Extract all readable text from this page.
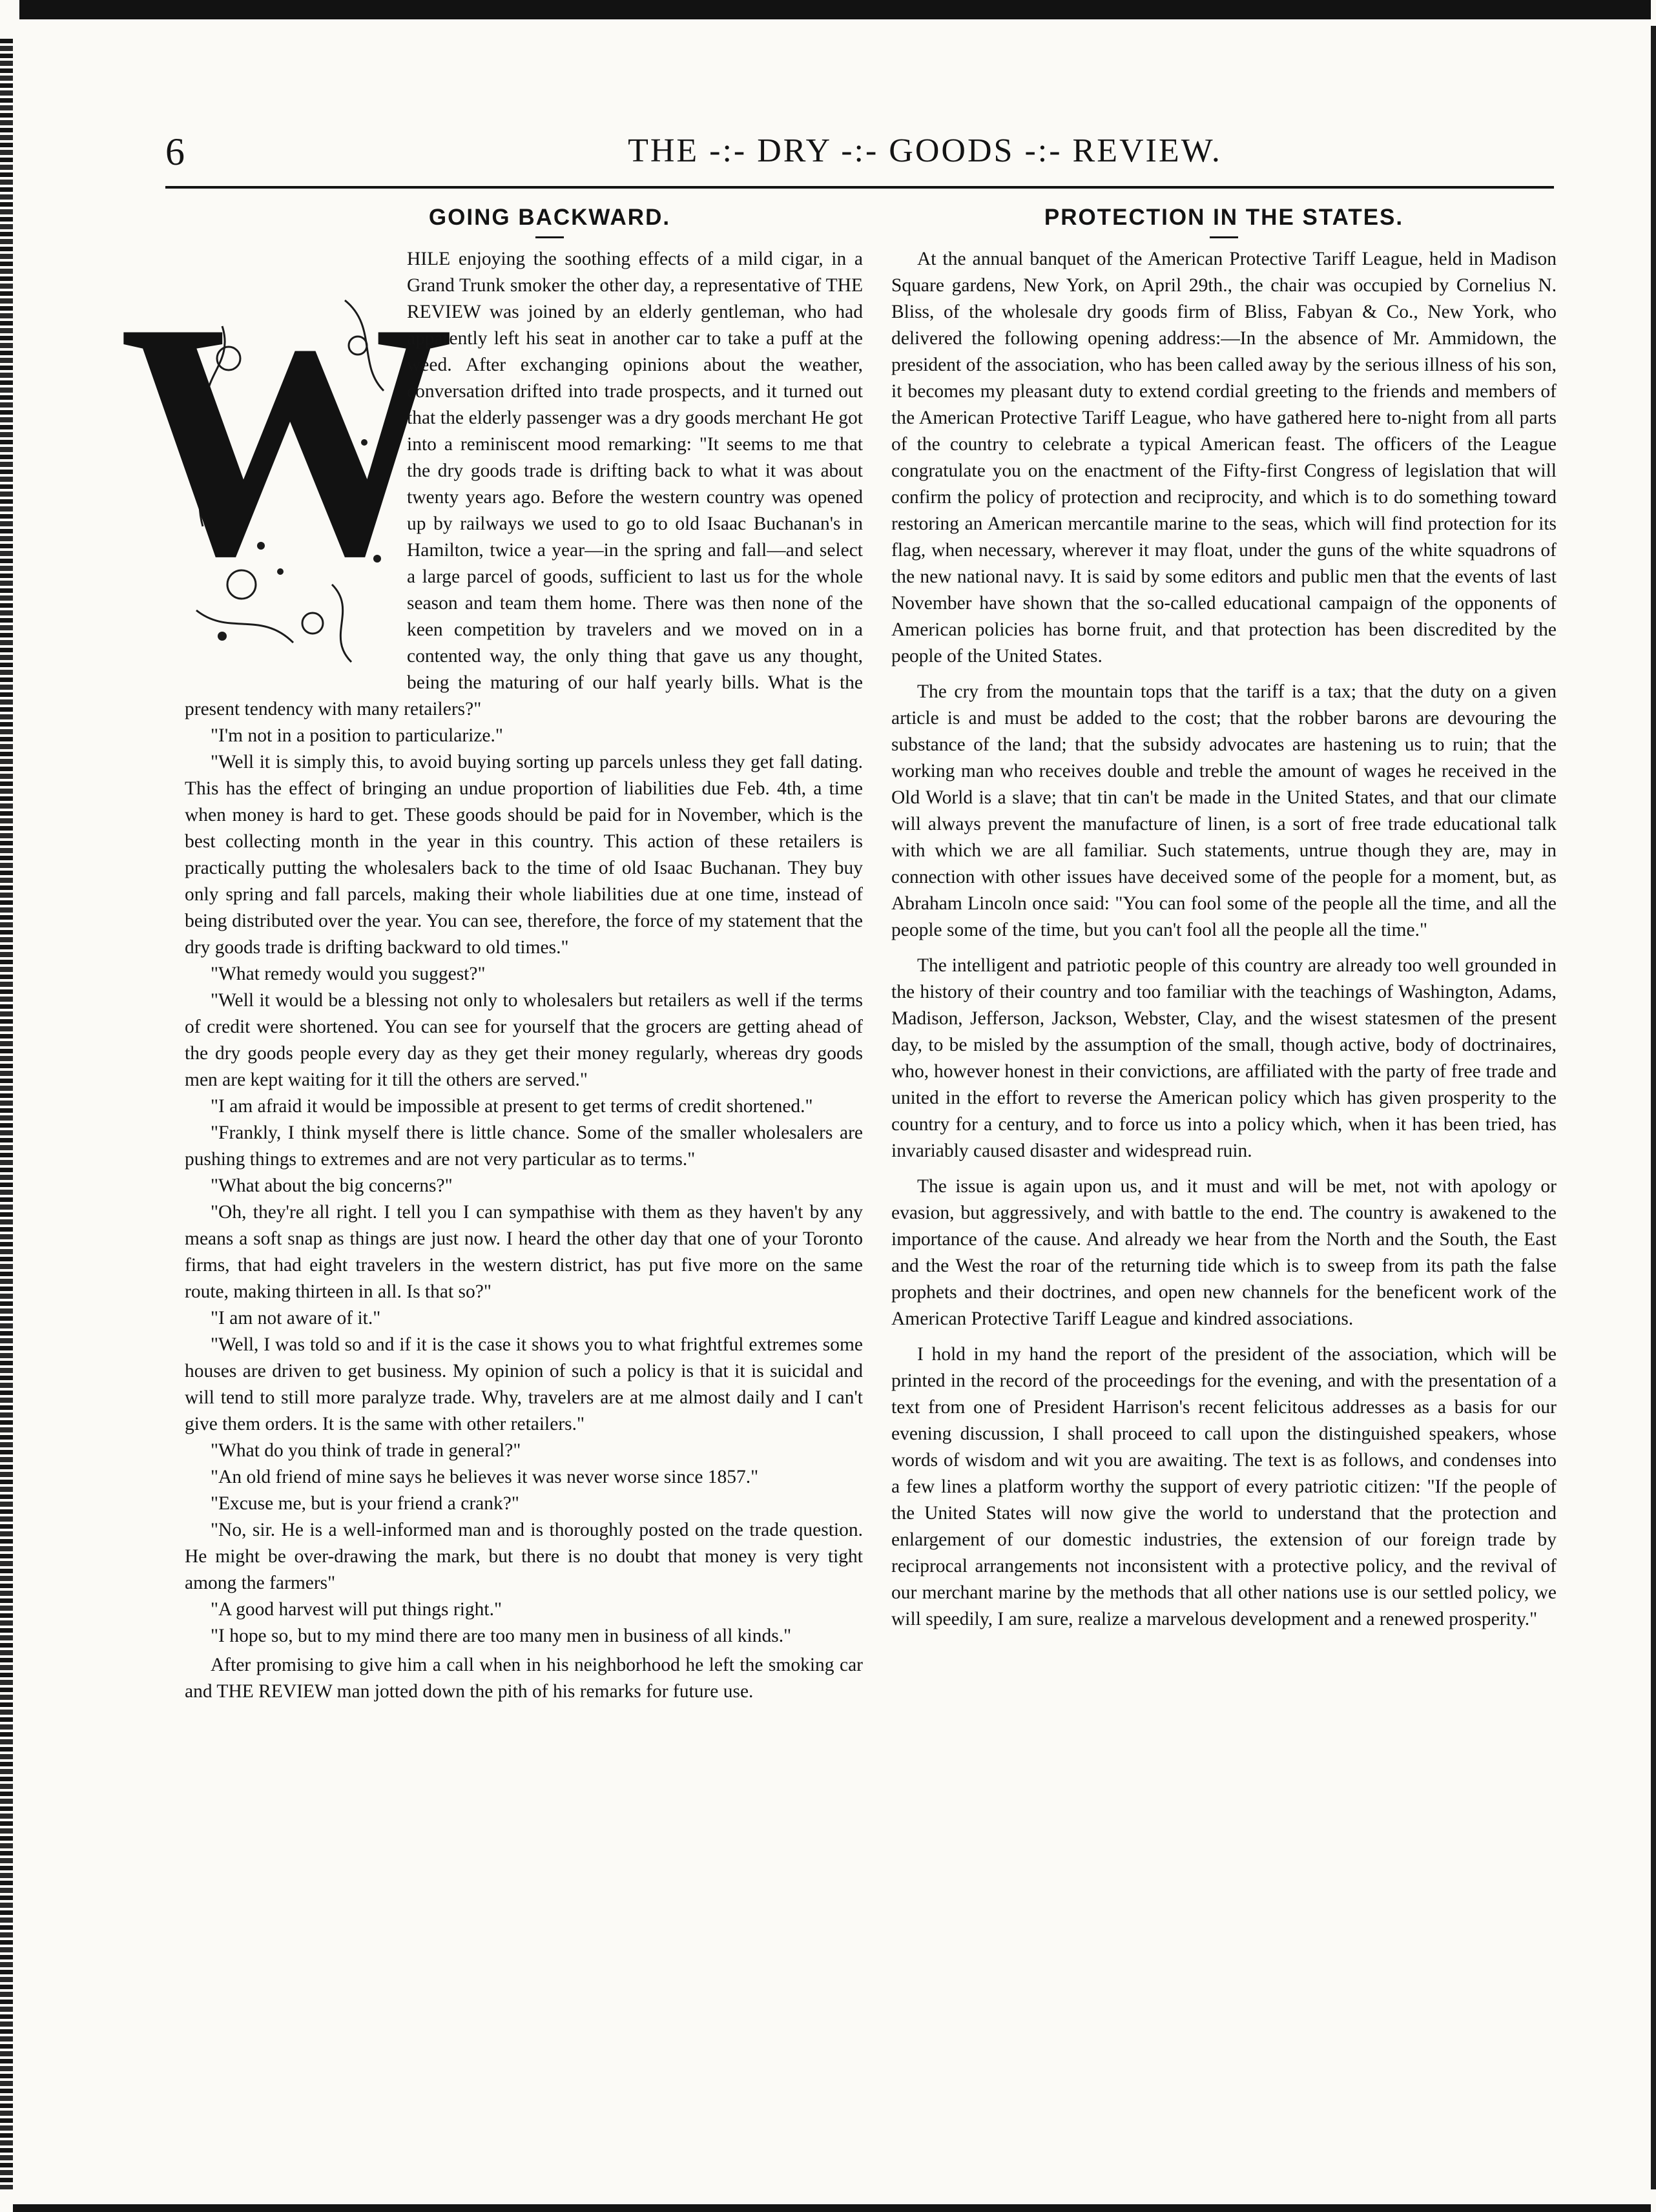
6	THE -:- DRY -:- GOODS -:- REVIEW.
GOING BACKWARD.
W

HILE enjoying the soothing effects of a mild cigar, in a Grand Trunk smoker the other day, a representative of THE REVIEW was joined by an elderly gentleman, who had apparently left his seat in another car to take a puff at the weed. After exchanging opinions about the weather, conversation drifted into trade prospects, and it turned out that the elderly passenger was a dry goods merchant He got into a reminiscent mood remarking: "It seems to me that the dry goods trade is drifting back to what it was about twenty years ago. Before the western country was opened up by railways we used to go to old Isaac Buchanan's in Hamilton, twice a year—in the spring and fall—and select a large parcel of goods, sufficient to last us for the whole season and team them home. There was then none of the keen competition by travelers and we moved on in a contented way, the only thing that gave us any thought, being the maturing of our half yearly bills. What is the present tendency with many retailers?"

"I'm not in a position to particularize."

"Well it is simply this, to avoid buying sorting up parcels unless they get fall dating. This has the effect of bringing an undue proportion of liabilities due Feb. 4th, a time when money is hard to get. These goods should be paid for in November, which is the best collecting month in the year in this country. This action of these retailers is practically putting the wholesalers back to the time of old Isaac Buchanan. They buy only spring and fall parcels, making their whole liabilities due at one time, instead of being distributed over the year. You can see, therefore, the force of my statement that the dry goods trade is drifting backward to old times."

"What remedy would you suggest?"

"Well it would be a blessing not only to wholesalers but retailers as well if the terms of credit were shortened. You can see for yourself that the grocers are getting ahead of the dry goods people every day as they get their money regularly, whereas dry goods men are kept waiting for it till the others are served."

"I am afraid it would be impossible at present to get terms of credit shortened."

"Frankly, I think myself there is little chance. Some of the smaller wholesalers are pushing things to extremes and are not very particular as to terms."

"What about the big concerns?"

"Oh, they're all right. I tell you I can sympathise with them as they haven't by any means a soft snap as things are just now. I heard the other day that one of your Toronto firms, that had eight travelers in the western district, has put five more on the same route, making thirteen in all. Is that so?"

"I am not aware of it."

"Well, I was told so and if it is the case it shows you to what frightful extremes some houses are driven to get business. My opinion of such a policy is that it is suicidal and will tend to still more paralyze trade. Why, travelers are at me almost daily and I can't give them orders. It is the same with other retailers."

"What do you think of trade in general?"

"An old friend of mine says he believes it was never worse since 1857."

"Excuse me, but is your friend a crank?"

"No, sir. He is a well-informed man and is thoroughly posted on the trade question. He might be over-drawing the mark, but there is no doubt that money is very tight among the farmers"

"A good harvest will put things right."

"I hope so, but to my mind there are too many men in business of all kinds."

After promising to give him a call when in his neighborhood he left the smoking car and THE REVIEW man jotted down the pith of his remarks for future use.

PROTECTION IN THE STATES.

At the annual banquet of the American Protective Tariff League, held in Madison Square gardens, New York, on April 29th., the chair was occupied by Cornelius N. Bliss, of the wholesale dry goods firm of Bliss, Fabyan & Co., New York, who delivered the following opening address:—In the absence of Mr. Ammidown, the president of the association, who has been called away by the serious illness of his son, it becomes my pleasant duty to extend cordial greeting to the friends and members of the American Protective Tariff League, who have gathered here to-night from all parts of the country to celebrate a typical American feast. The officers of the League congratulate you on the enactment of the Fifty-first Congress of legislation that will confirm the policy of protection and reciprocity, and which is to do something toward restoring an American mercantile marine to the seas, which will find protection for its flag, when necessary, wherever it may float, under the guns of the white squadrons of the new national navy. It is said by some editors and public men that the events of last November have shown that the so-called educational campaign of the opponents of American policies has borne fruit, and that protection has been discredited by the people of the United States.

The cry from the mountain tops that the tariff is a tax; that the duty on a given article is and must be added to the cost; that the robber barons are devouring the substance of the land; that the subsidy advocates are hastening us to ruin; that the working man who receives double and treble the amount of wages he received in the Old World is a slave; that tin can't be made in the United States, and that our climate will always prevent the manufacture of linen, is a sort of free trade educational talk with which we are all familiar. Such statements, untrue though they are, may in connection with other issues have deceived some of the people for a moment, but, as Abraham Lincoln once said: "You can fool some of the people all the time, and all the people some of the time, but you can't fool all the people all the time."

The intelligent and patriotic people of this country are already too well grounded in the history of their country and too familiar with the teachings of Washington, Adams, Madison, Jefferson, Jackson, Webster, Clay, and the wisest statesmen of the present day, to be misled by the assumption of the small, though active, body of doctrinaires, who, however honest in their convictions, are affiliated with the party of free trade and united in the effort to reverse the American policy which has given prosperity to the country for a century, and to force us into a policy which, when it has been tried, has invariably caused disaster and widespread ruin.

The issue is again upon us, and it must and will be met, not with apology or evasion, but aggressively, and with battle to the end. The country is awakened to the importance of the cause. And already we hear from the North and the South, the East and the West the roar of the returning tide which is to sweep from its path the false prophets and their doctrines, and open new channels for the beneficent work of the American Protective Tariff League and kindred associations.

I hold in my hand the report of the president of the association, which will be printed in the record of the proceedings for the evening, and with the presentation of a text from one of President Harrison's recent felicitous addresses as a basis for our evening discussion, I shall proceed to call upon the distinguished speakers, whose words of wisdom and wit you are awaiting. The text is as follows, and condenses into a few lines a platform worthy the support of every patriotic citizen: "If the people of the United States will now give the world to understand that the protection and enlargement of our domestic industries, the extension of our foreign trade by reciprocal arrangements not inconsistent with a protective policy, and the revival of our merchant marine by the methods that all other nations use is our settled policy, we will speedily, I am sure, realize a marvelous development and a renewed prosperity."
